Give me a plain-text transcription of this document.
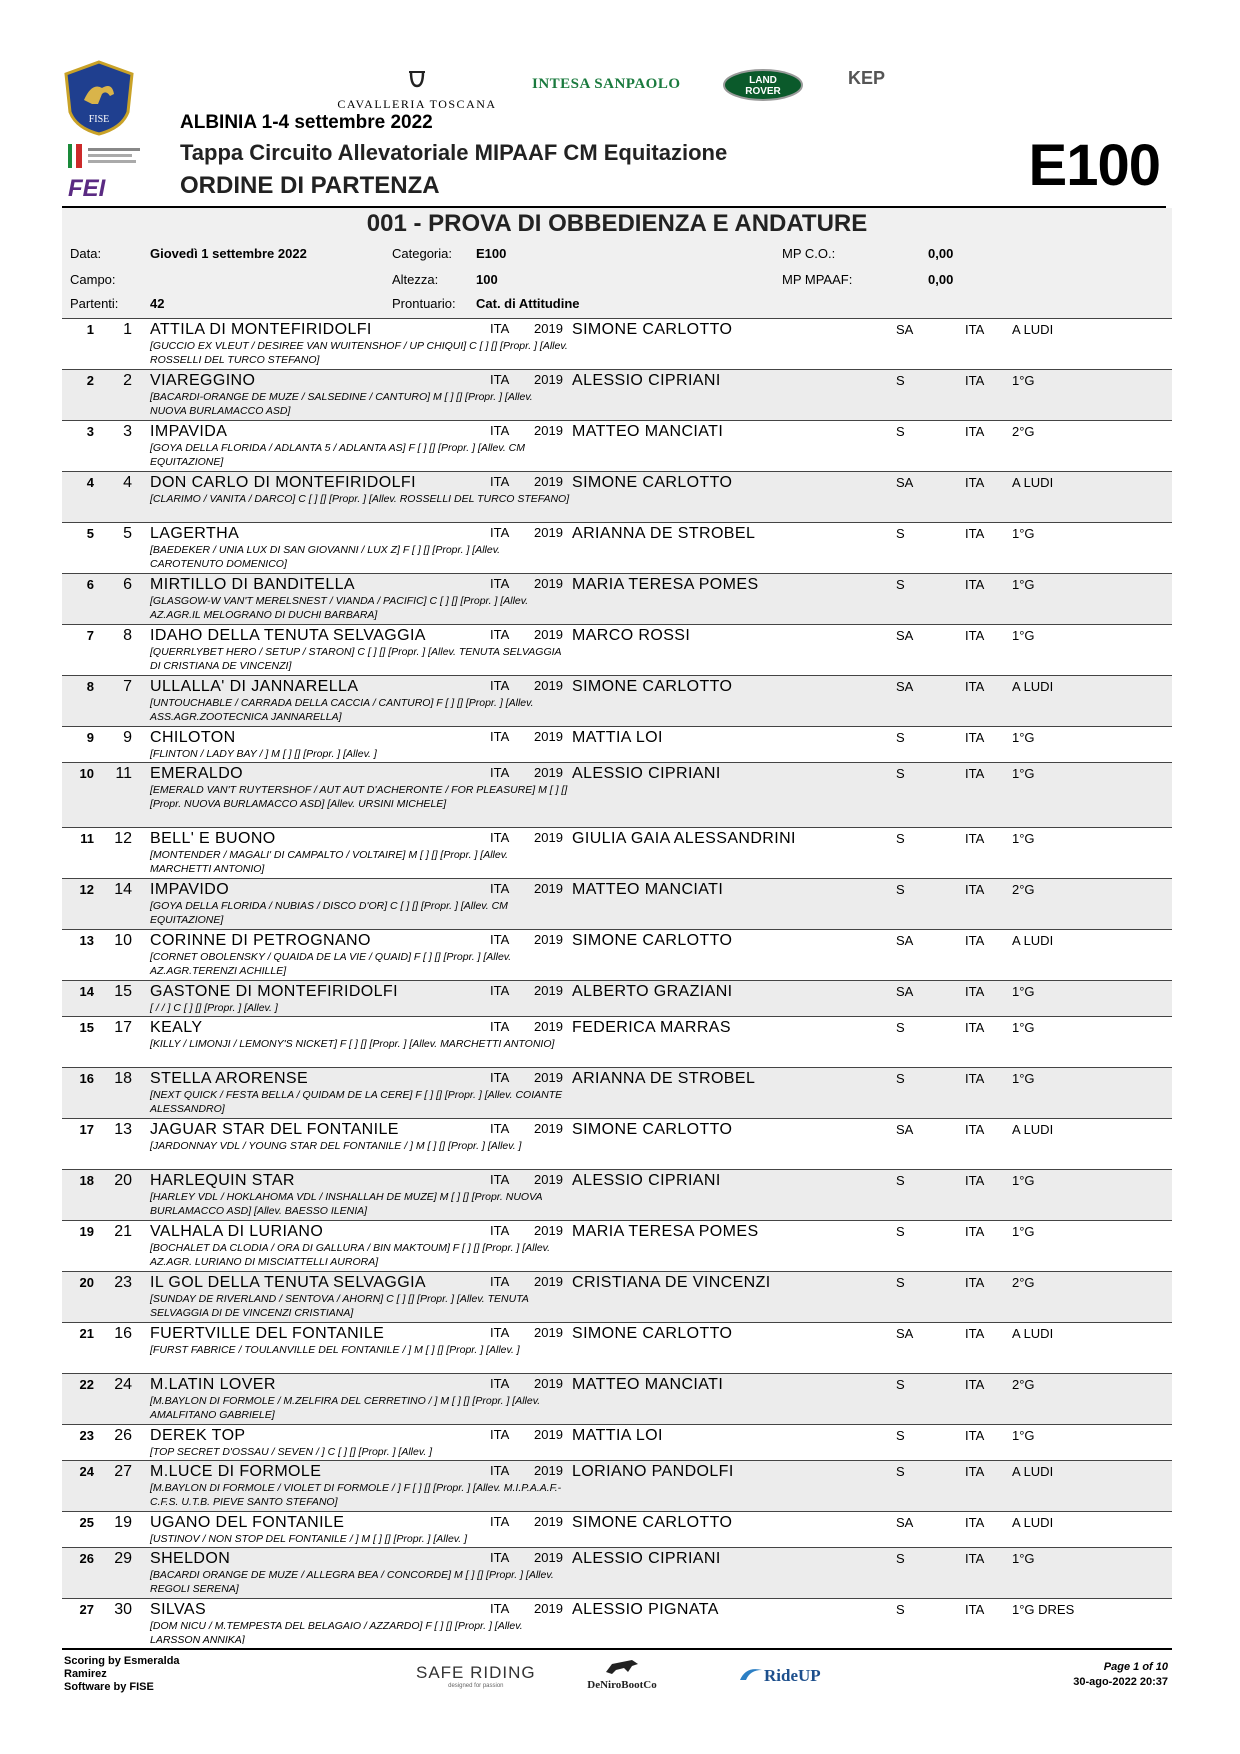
FISE
FEI
CAVALLERIA TOSCANA
INTESA SANPAOLO	LAND
ROVER
KEP
ALBINIA 1-4 settembre 2022
Tappa Circuito Allevatoriale MIPAAF CM Equitazione
ORDINE DI PARTENZA	E100
001 - PROVA DI OBBEDIENZA E ANDATURE
Data:	Giovedì 1 settembre 2022
Campo:
Partenti: 42
Categoria: E100
Altezza:	100
Prontuario: Cat. di Attitudine
MP C.O.:	0,00
MP MPAAF:	0,00
1	1 ATTILA DI MONTEFIRIDOLFI	ITA 2019 SIMONE CARLOTTO	SA	ITA A LUDI
[GUCCIO EX VLEUT / DESIREE VAN WUITENSHOF / UP CHIQUI] C [ ] [] [Propr. ] [Allev. ROSSELLI DEL TURCO STEFANO]
2	2 VIAREGGINO	ITA 2019 ALESSIO CIPRIANI	S	ITA 1°G
[BACARDI-ORANGE DE MUZE / SALSEDINE / CANTURO] M [ ] [] [Propr. ] [Allev. NUOVA BURLAMACCO ASD]
3	3 IMPAVIDA	ITA 2019 MATTEO MANCIATI	S	ITA 2°G
[GOYA DELLA FLORIDA / ADLANTA 5 / ADLANTA AS] F [ ] [] [Propr. ] [Allev. CM EQUITAZIONE]
4	4 DON CARLO DI MONTEFIRIDOLFI	ITA 2019 SIMONE CARLOTTO	SA	ITA A LUDI
[CLARIMO / VANITA / DARCO] C [ ] [] [Propr. ] [Allev. ROSSELLI DEL TURCO STEFANO]
5	5 LAGERTHA	ITA 2019 ARIANNA DE STROBEL	S	ITA 1°G
[BAEDEKER / UNIA LUX DI SAN GIOVANNI / LUX Z] F [ ] [] [Propr. ] [Allev. CAROTENUTO DOMENICO]
6	6 MIRTILLO DI BANDITELLA	ITA 2019 MARIA TERESA POMES	S	ITA 1°G
[GLASGOW-W VAN'T MERELSNEST / VIANDA / PACIFIC] C [ ] [] [Propr. ] [Allev. AZ.AGR.IL MELOGRANO DI DUCHI BARBARA]
7	8 IDAHO DELLA TENUTA SELVAGGIA	ITA 2019 MARCO ROSSI	SA	ITA 1°G
[QUERRLYBET HERO / SETUP / STARON] C [ ] [] [Propr. ] [Allev. TENUTA SELVAGGIA DI CRISTIANA DE VINCENZI]
8	7 ULLALLA' DI JANNARELLA	ITA 2019 SIMONE CARLOTTO	SA	ITA A LUDI
[UNTOUCHABLE / CARRADA DELLA CACCIA / CANTURO] F [ ] [] [Propr. ] [Allev. ASS.AGR.ZOOTECNICA JANNARELLA]
9	9 CHILOTON	ITA 2019 MATTIA LOI	S	ITA 1°G
[FLINTON / LADY BAY / ] M [ ] [] [Propr. ] [Allev. ]
10	11 EMERALDO	ITA 2019 ALESSIO CIPRIANI	S	ITA 1°G
[EMERALD VAN'T RUYTERSHOF / AUT AUT D'ACHERONTE / FOR PLEASURE] M [ ] [] [Propr. NUOVA BURLAMACCO ASD] [Allev. URSINI MICHELE]
11	12 BELL' E BUONO	ITA 2019 GIULIA GAIA ALESSANDRINI	S	ITA 1°G
[MONTENDER / MAGALI' DI CAMPALTO / VOLTAIRE] M [ ] [] [Propr. ] [Allev. MARCHETTI ANTONIO]
12	14 IMPAVIDO	ITA 2019 MATTEO MANCIATI	S	ITA 2°G
[GOYA DELLA FLORIDA / NUBIAS / DISCO D'OR] C [ ] [] [Propr. ] [Allev. CM EQUITAZIONE]
13	10 CORINNE DI PETROGNANO	ITA 2019 SIMONE CARLOTTO	SA	ITA A LUDI
[CORNET OBOLENSKY / QUAIDA DE LA VIE / QUAID] F [ ] [] [Propr. ] [Allev. AZ.AGR.TERENZI ACHILLE]
14	15 GASTONE DI MONTEFIRIDOLFI	ITA 2019 ALBERTO GRAZIANI	SA	ITA 1°G
[ / / ] C [ ] [] [Propr. ] [Allev. ]
15	17 KEALY	ITA 2019 FEDERICA MARRAS	S	ITA 1°G
[KILLY / LIMONJI / LEMONY'S NICKET] F [ ] [] [Propr. ] [Allev. MARCHETTI ANTONIO]
16	18 STELLA ARORENSE	ITA 2019 ARIANNA DE STROBEL	S	ITA 1°G
[NEXT QUICK / FESTA BELLA / QUIDAM DE LA CERE] F [ ] [] [Propr. ] [Allev. COIANTE ALESSANDRO]
17	13 JAGUAR STAR DEL FONTANILE	ITA 2019 SIMONE CARLOTTO	SA	ITA A LUDI
[JARDONNAY VDL / YOUNG STAR DEL FONTANILE / ] M [ ] [] [Propr. ] [Allev. ]
18	20 HARLEQUIN STAR	ITA 2019 ALESSIO CIPRIANI	S	ITA 1°G
[HARLEY VDL / HOKLAHOMA VDL / INSHALLAH DE MUZE] M [ ] [] [Propr. NUOVA BURLAMACCO ASD] [Allev. BAESSO ILENIA]
19	21 VALHALA DI LURIANO	ITA 2019 MARIA TERESA POMES	S	ITA 1°G
[BOCHALET DA CLODIA / ORA DI GALLURA / BIN MAKTOUM] F [ ] [] [Propr. ] [Allev. AZ.AGR. LURIANO DI MISCIATTELLI AURORA]
20	23 IL GOL DELLA TENUTA SELVAGGIA	ITA 2019 CRISTIANA DE VINCENZI	S	ITA 2°G
[SUNDAY DE RIVERLAND / SENTOVA / AHORN] C [ ] [] [Propr. ] [Allev. TENUTA SELVAGGIA DI DE VINCENZI CRISTIANA]
21	16 FUERTVILLE DEL FONTANILE	ITA 2019 SIMONE CARLOTTO	SA	ITA A LUDI
[FURST FABRICE / TOULANVILLE DEL FONTANILE / ] M [ ] [] [Propr. ] [Allev. ]
22	24 M.LATIN LOVER	ITA 2019 MATTEO MANCIATI	S	ITA 2°G
[M.BAYLON DI FORMOLE / M.ZELFIRA DEL CERRETINO / ] M [ ] [] [Propr. ] [Allev. AMALFITANO GABRIELE]
23	26 DEREK TOP	ITA 2019 MATTIA LOI	S	ITA 1°G
[TOP SECRET D'OSSAU / SEVEN / ] C [ ] [] [Propr. ] [Allev. ]
24	27 M.LUCE DI FORMOLE	ITA 2019 LORIANO PANDOLFI	S	ITA A LUDI
[M.BAYLON DI FORMOLE / VIOLET DI FORMOLE / ] F [ ] [] [Propr. ] [Allev. M.I.P.A.A.F.-C.F.S. U.T.B. PIEVE SANTO STEFANO]
25	19 UGANO DEL FONTANILE	ITA 2019 SIMONE CARLOTTO	SA	ITA A LUDI
[USTINOV / NON STOP DEL FONTANILE / ] M [ ] [] [Propr. ] [Allev. ]
26	29 SHELDON	ITA 2019 ALESSIO CIPRIANI	S	ITA 1°G
[BACARDI ORANGE DE MUZE / ALLEGRA BEA / CONCORDE] M [ ] [] [Propr. ] [Allev. REGOLI SERENA]
27	30 SILVAS	ITA 2019 ALESSIO PIGNATA	S	ITA 1°G DRES
[DOM NICU / M.TEMPESTA DEL BELAGAIO / AZZARDO] F [ ] [] [Propr. ] [Allev. LARSSON ANNIKA]
Scoring by Esmeralda
Ramirez
Software by FISE
SAFE RIDING
designed for passion	DeNiroBootCo	RideUP	Page 1 of 10
30-ago-2022 20:37
